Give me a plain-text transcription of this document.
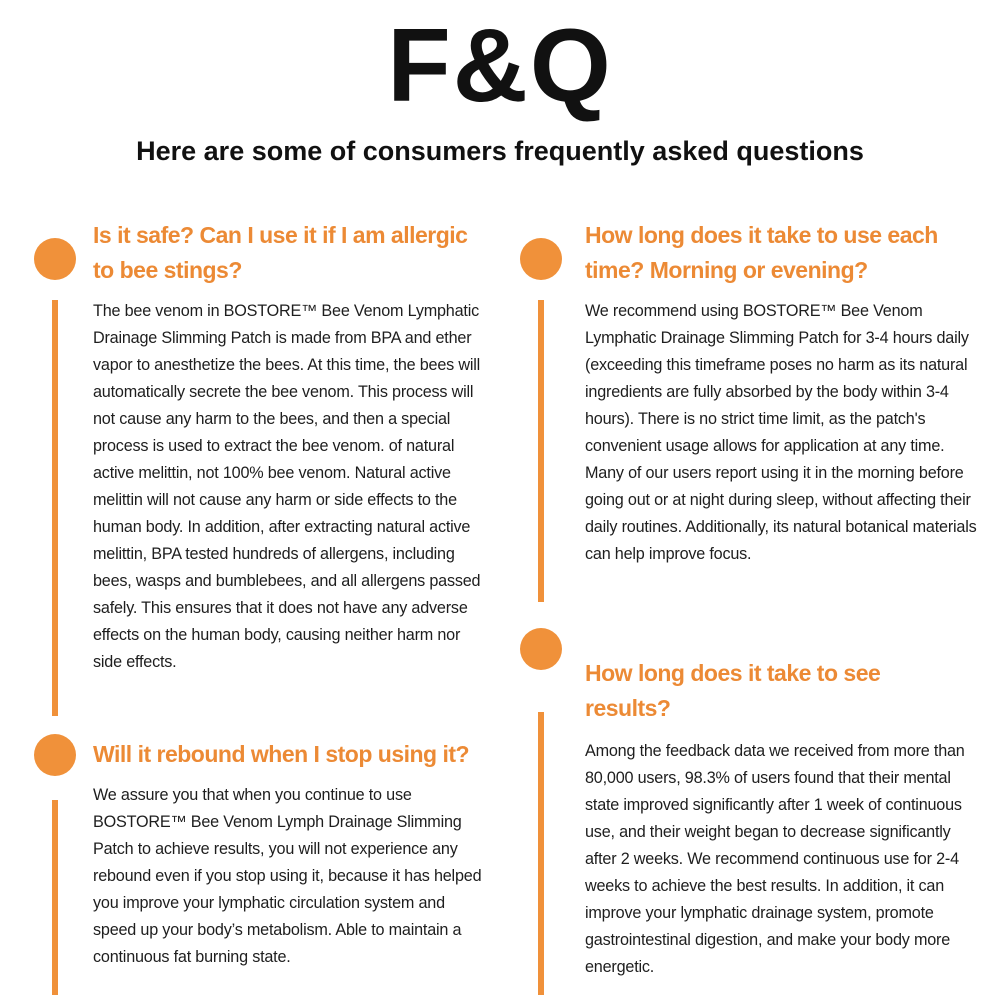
F&Q
Here are some of consumers frequently asked questions
Is it safe? Can I use it if I am allergic to bee stings?
The bee venom in BOSTORE™ Bee Venom Lymphatic Drainage Slimming Patch is made from BPA and ether vapor to anesthetize the bees. At this time, the bees will automatically secrete the bee venom. This process will not cause any harm to the bees, and then a special process is used to extract the bee venom. of natural active melittin, not 100% bee venom. Natural active melittin will not cause any harm or side effects to the human body. In addition, after extracting natural active melittin, BPA tested hundreds of allergens, including bees, wasps and bumblebees, and all allergens passed safely. This ensures that it does not have any adverse effects on the human body, causing neither harm nor side effects.
Will it rebound when I stop using it?
We assure you that when you continue to use BOSTORE™ Bee Venom Lymph Drainage Slimming Patch to achieve results, you will not experience any rebound even if you stop using it, because it has helped you improve your lymphatic circulation system and speed up your body’s metabolism. Able to maintain a continuous fat burning state.
How long does it take to use each time? Morning or evening?
We recommend using BOSTORE™ Bee Venom Lymphatic Drainage Slimming Patch for 3-4 hours daily (exceeding this timeframe poses no harm as its natural ingredients are fully absorbed by the body within 3-4 hours). There is no strict time limit, as the patch's convenient usage allows for application at any time. Many of our users report using it in the morning before going out or at night during sleep, without affecting their daily routines. Additionally, its natural botanical materials can help improve focus.
How long does it take to see results?
Among the feedback data we received from more than 80,000 users, 98.3% of users found that their mental state improved significantly after 1 week of continuous use, and their weight began to decrease significantly after 2 weeks. We recommend continuous use for 2-4 weeks to achieve the best results. In addition, it can improve your lymphatic drainage system, promote gastrointestinal digestion, and make your body more energetic.
